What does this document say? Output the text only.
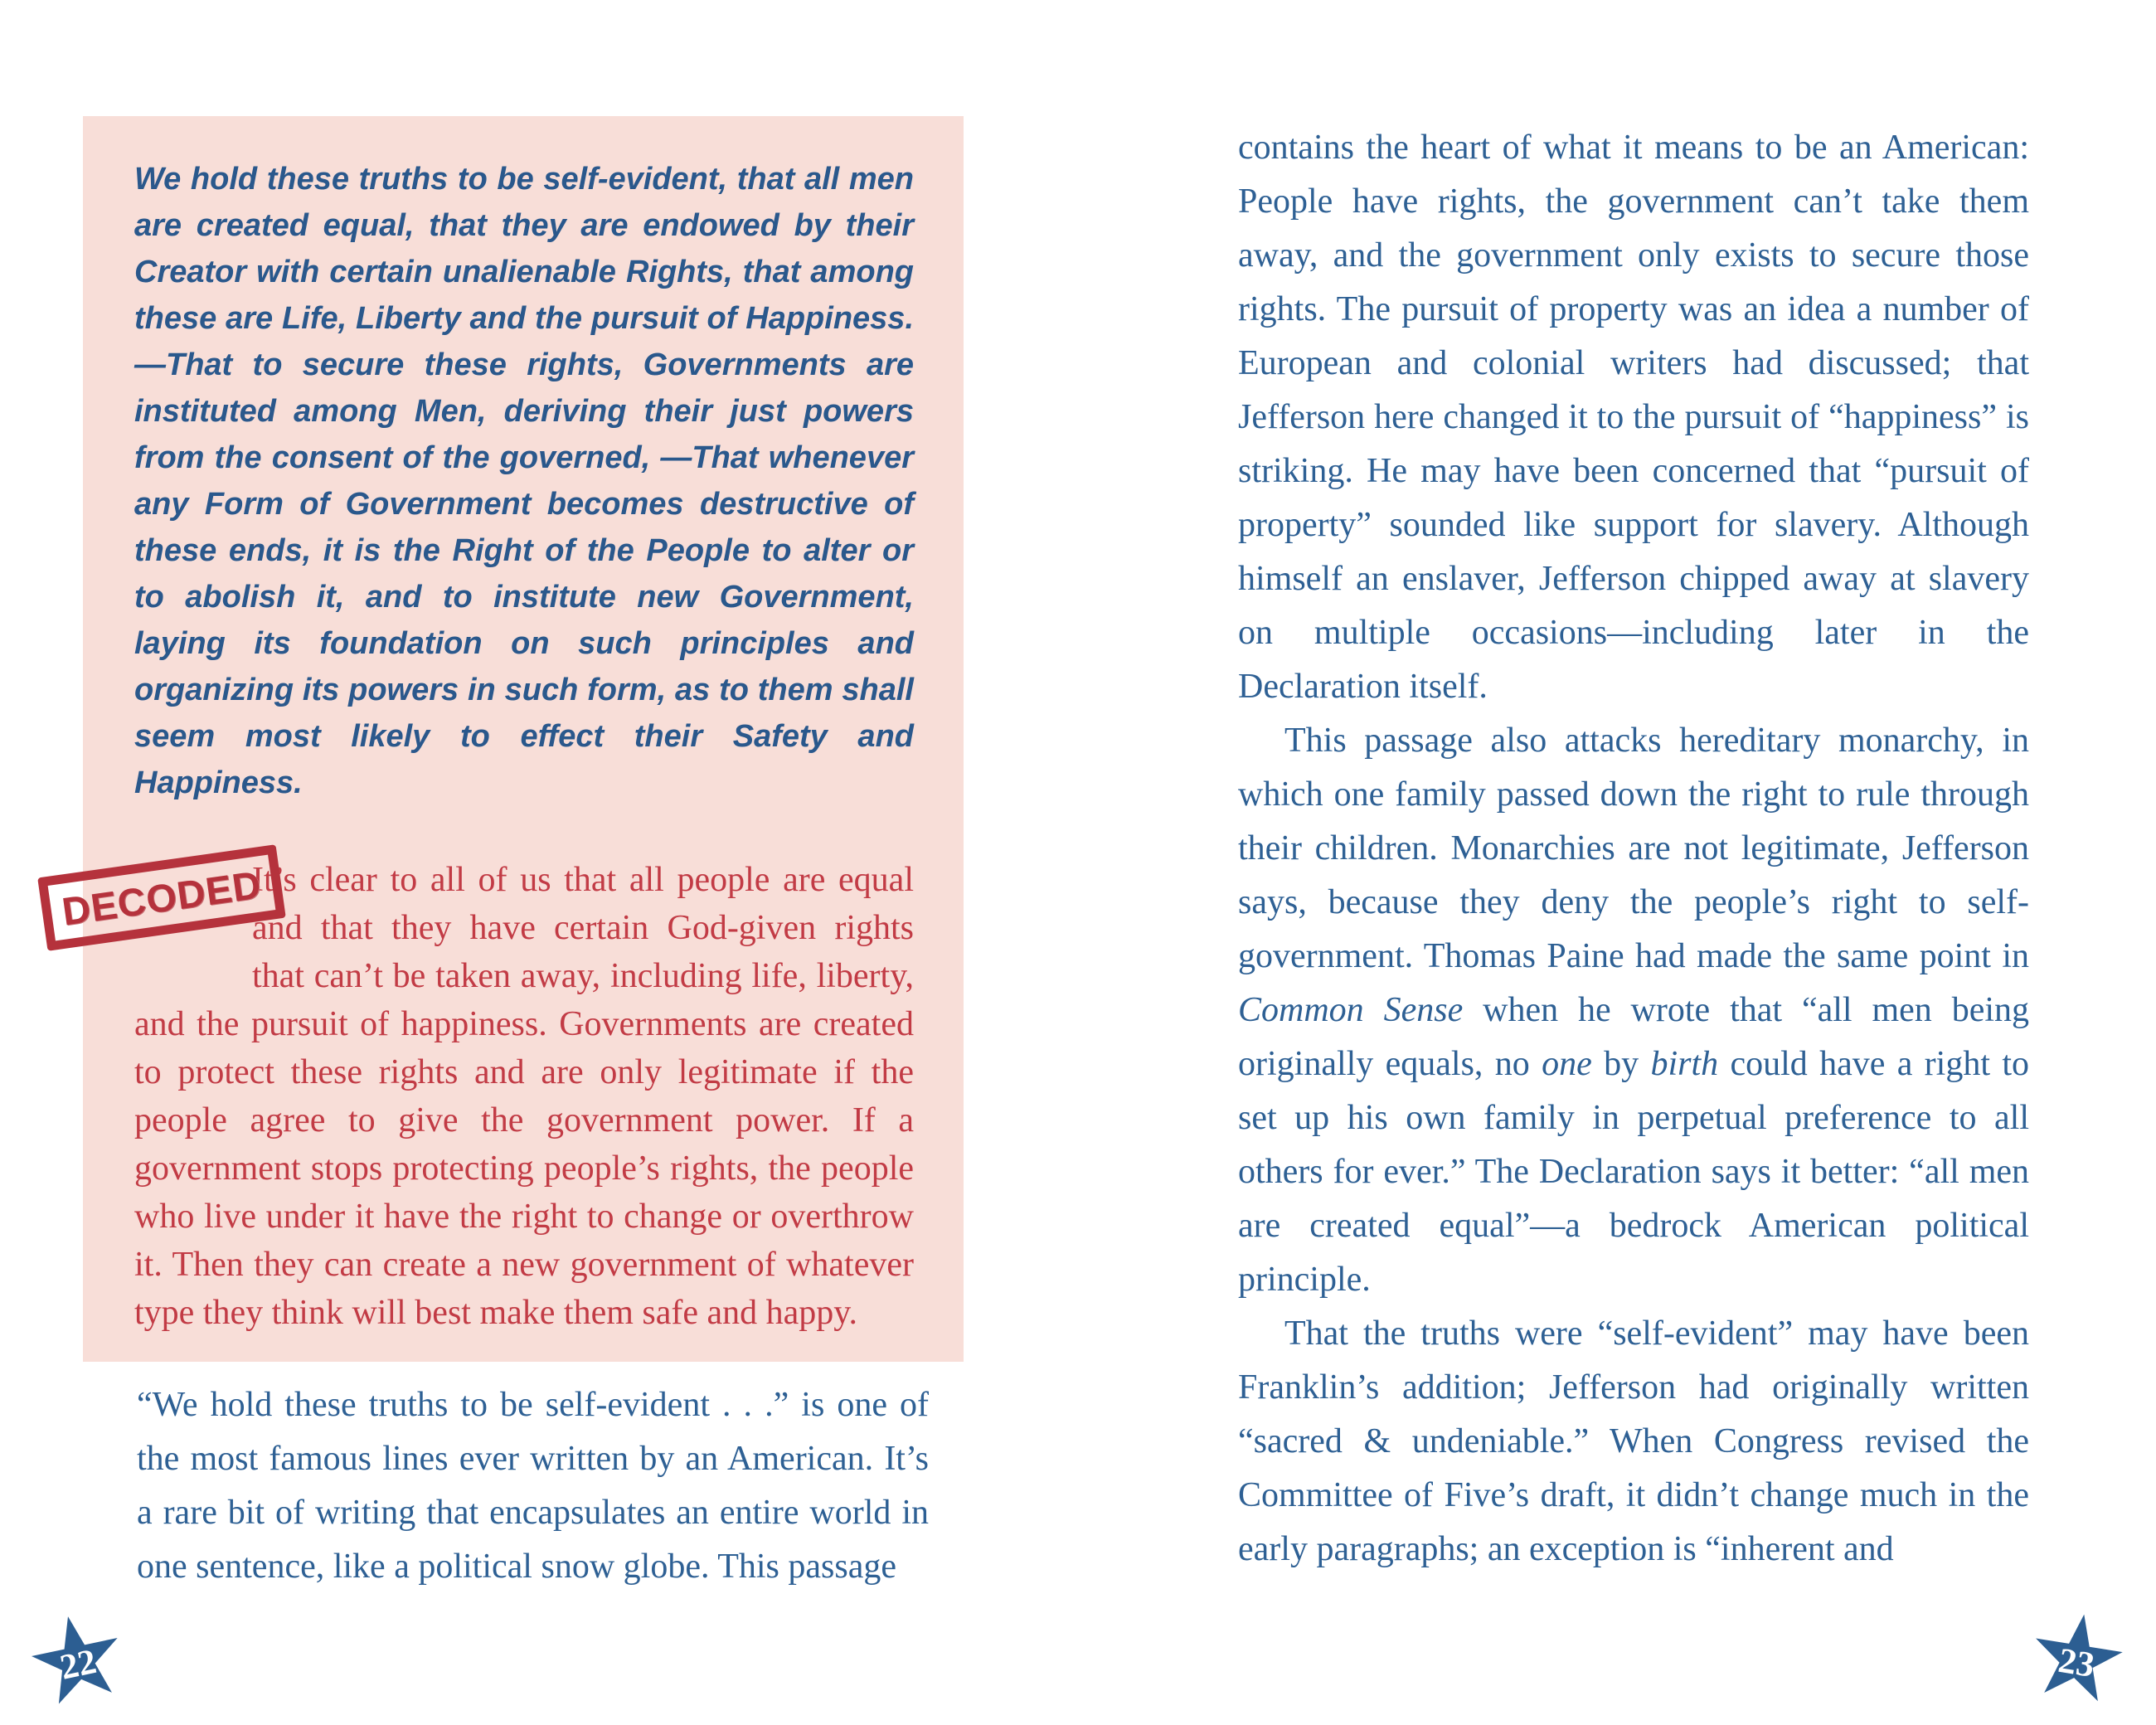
We hold these truths to be self-evident, that all men are created equal, that they are endowed by their Creator with certain unalienable Rights, that among these are Life, Liberty and the pursuit of Happiness.—That to secure these rights, Governments are instituted among Men, deriving their just powers from the consent of the governed, —That whenever any Form of Government becomes destructive of these ends, it is the Right of the People to alter or to abolish it, and to institute new Government, laying its foundation on such principles and organizing its powers in such form, as to them shall seem most likely to effect their Safety and Happiness.

DECODED
It’s clear to all of us that all people are equal and that they have certain God-given rights that can’t be taken away, including life, liberty, and the pursuit of happiness. Governments are created to protect these rights and are only legitimate if the people agree to give the government power. If a government stops protecting people’s rights, the people who live under it have the right to change or overthrow it. Then they can create a new government of whatever type they think will best make them safe and happy.

“We hold these truths to be self-evident . . .” is one of the most famous lines ever written by an American. It’s a rare bit of writing that encapsulates an entire world in one sentence, like a political snow globe. This passage

22

contains the heart of what it means to be an American: People have rights, the government can’t take them away, and the government only exists to secure those rights. The pursuit of property was an idea a number of European and colonial writers had discussed; that Jefferson here changed it to the pursuit of “happiness” is striking. He may have been concerned that “pursuit of property” sounded like support for slavery. Although himself an enslaver, Jefferson chipped away at slavery on multiple occasions—including later in the Declaration itself.

This passage also attacks hereditary monarchy, in which one family passed down the right to rule through their children. Monarchies are not legitimate, Jefferson says, because they deny the people’s right to self-government. Thomas Paine had made the same point in Common Sense when he wrote that “all men being originally equals, no one by birth could have a right to set up his own family in perpetual preference to all others for ever.” The Declaration says it better: “all men are created equal”—a bedrock American political principle.

That the truths were “self-evident” may have been Franklin’s addition; Jefferson had originally written “sacred & undeniable.” When Congress revised the Committee of Five’s draft, it didn’t change much in the early paragraphs; an exception is “inherent and

23
